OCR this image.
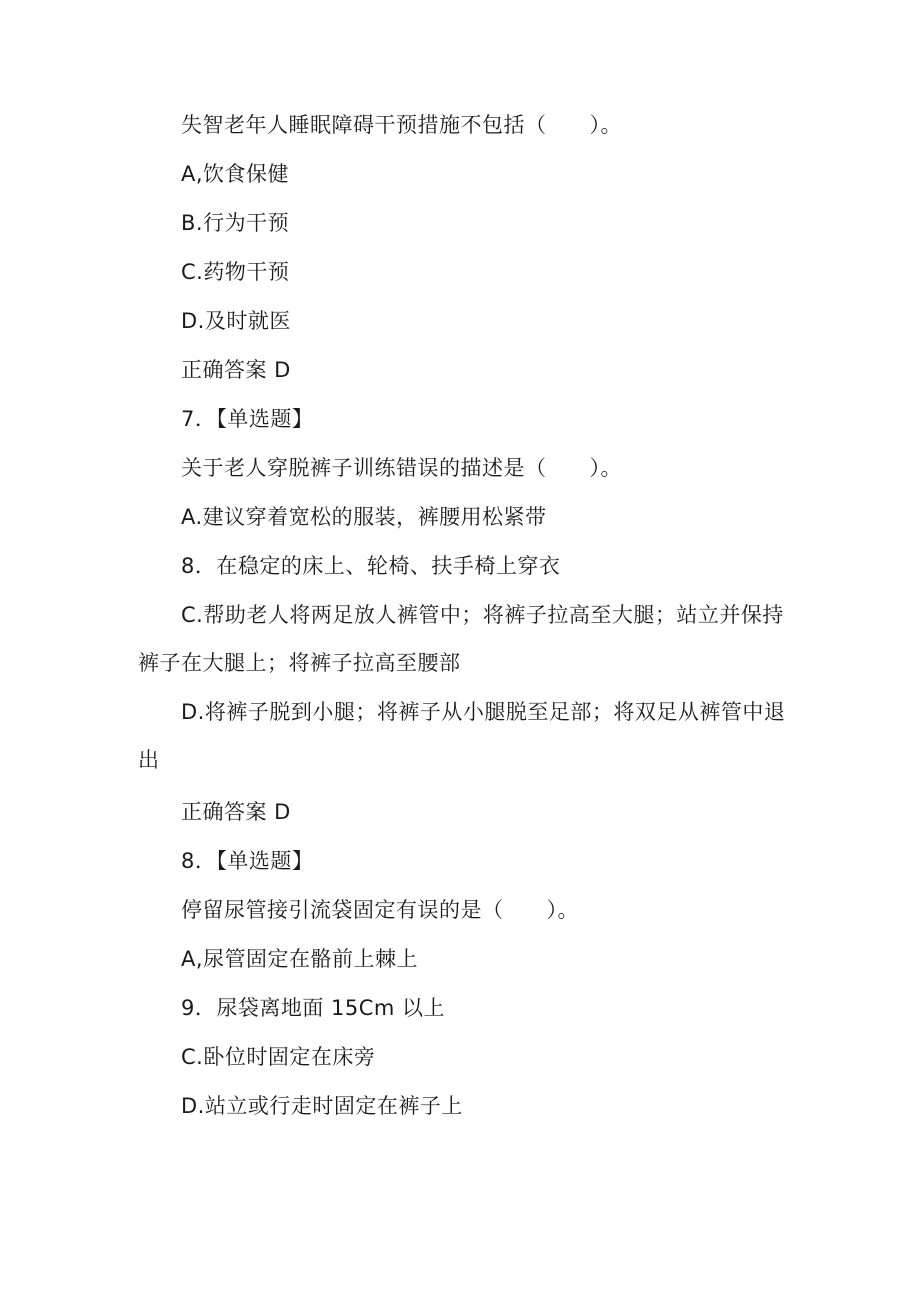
失智老年人睡眠障碍干预措施不包括（　　）。
A,饮食保健
B.行为干预
C.药物干预
D.及时就医
正确答案 D
7．【单选题】
关于老人穿脱裤子训练错误的描述是（　　）。
A.建议穿着宽松的服装，裤腰用松紧带
8．在稳定的床上、轮椅、扶手椅上穿衣
C.帮助老人将两足放人裤管中；将裤子拉高至大腿；站立并保持裤子在大腿上；将裤子拉高至腰部
D.将裤子脱到小腿；将裤子从小腿脱至足部；将双足从裤管中退出
正确答案 D
8．【单选题】
停留尿管接引流袋固定有误的是（　　）。
A,尿管固定在骼前上棘上
9．尿袋离地面 15Cm 以上
C.卧位时固定在床旁
D.站立或行走时固定在裤子上
